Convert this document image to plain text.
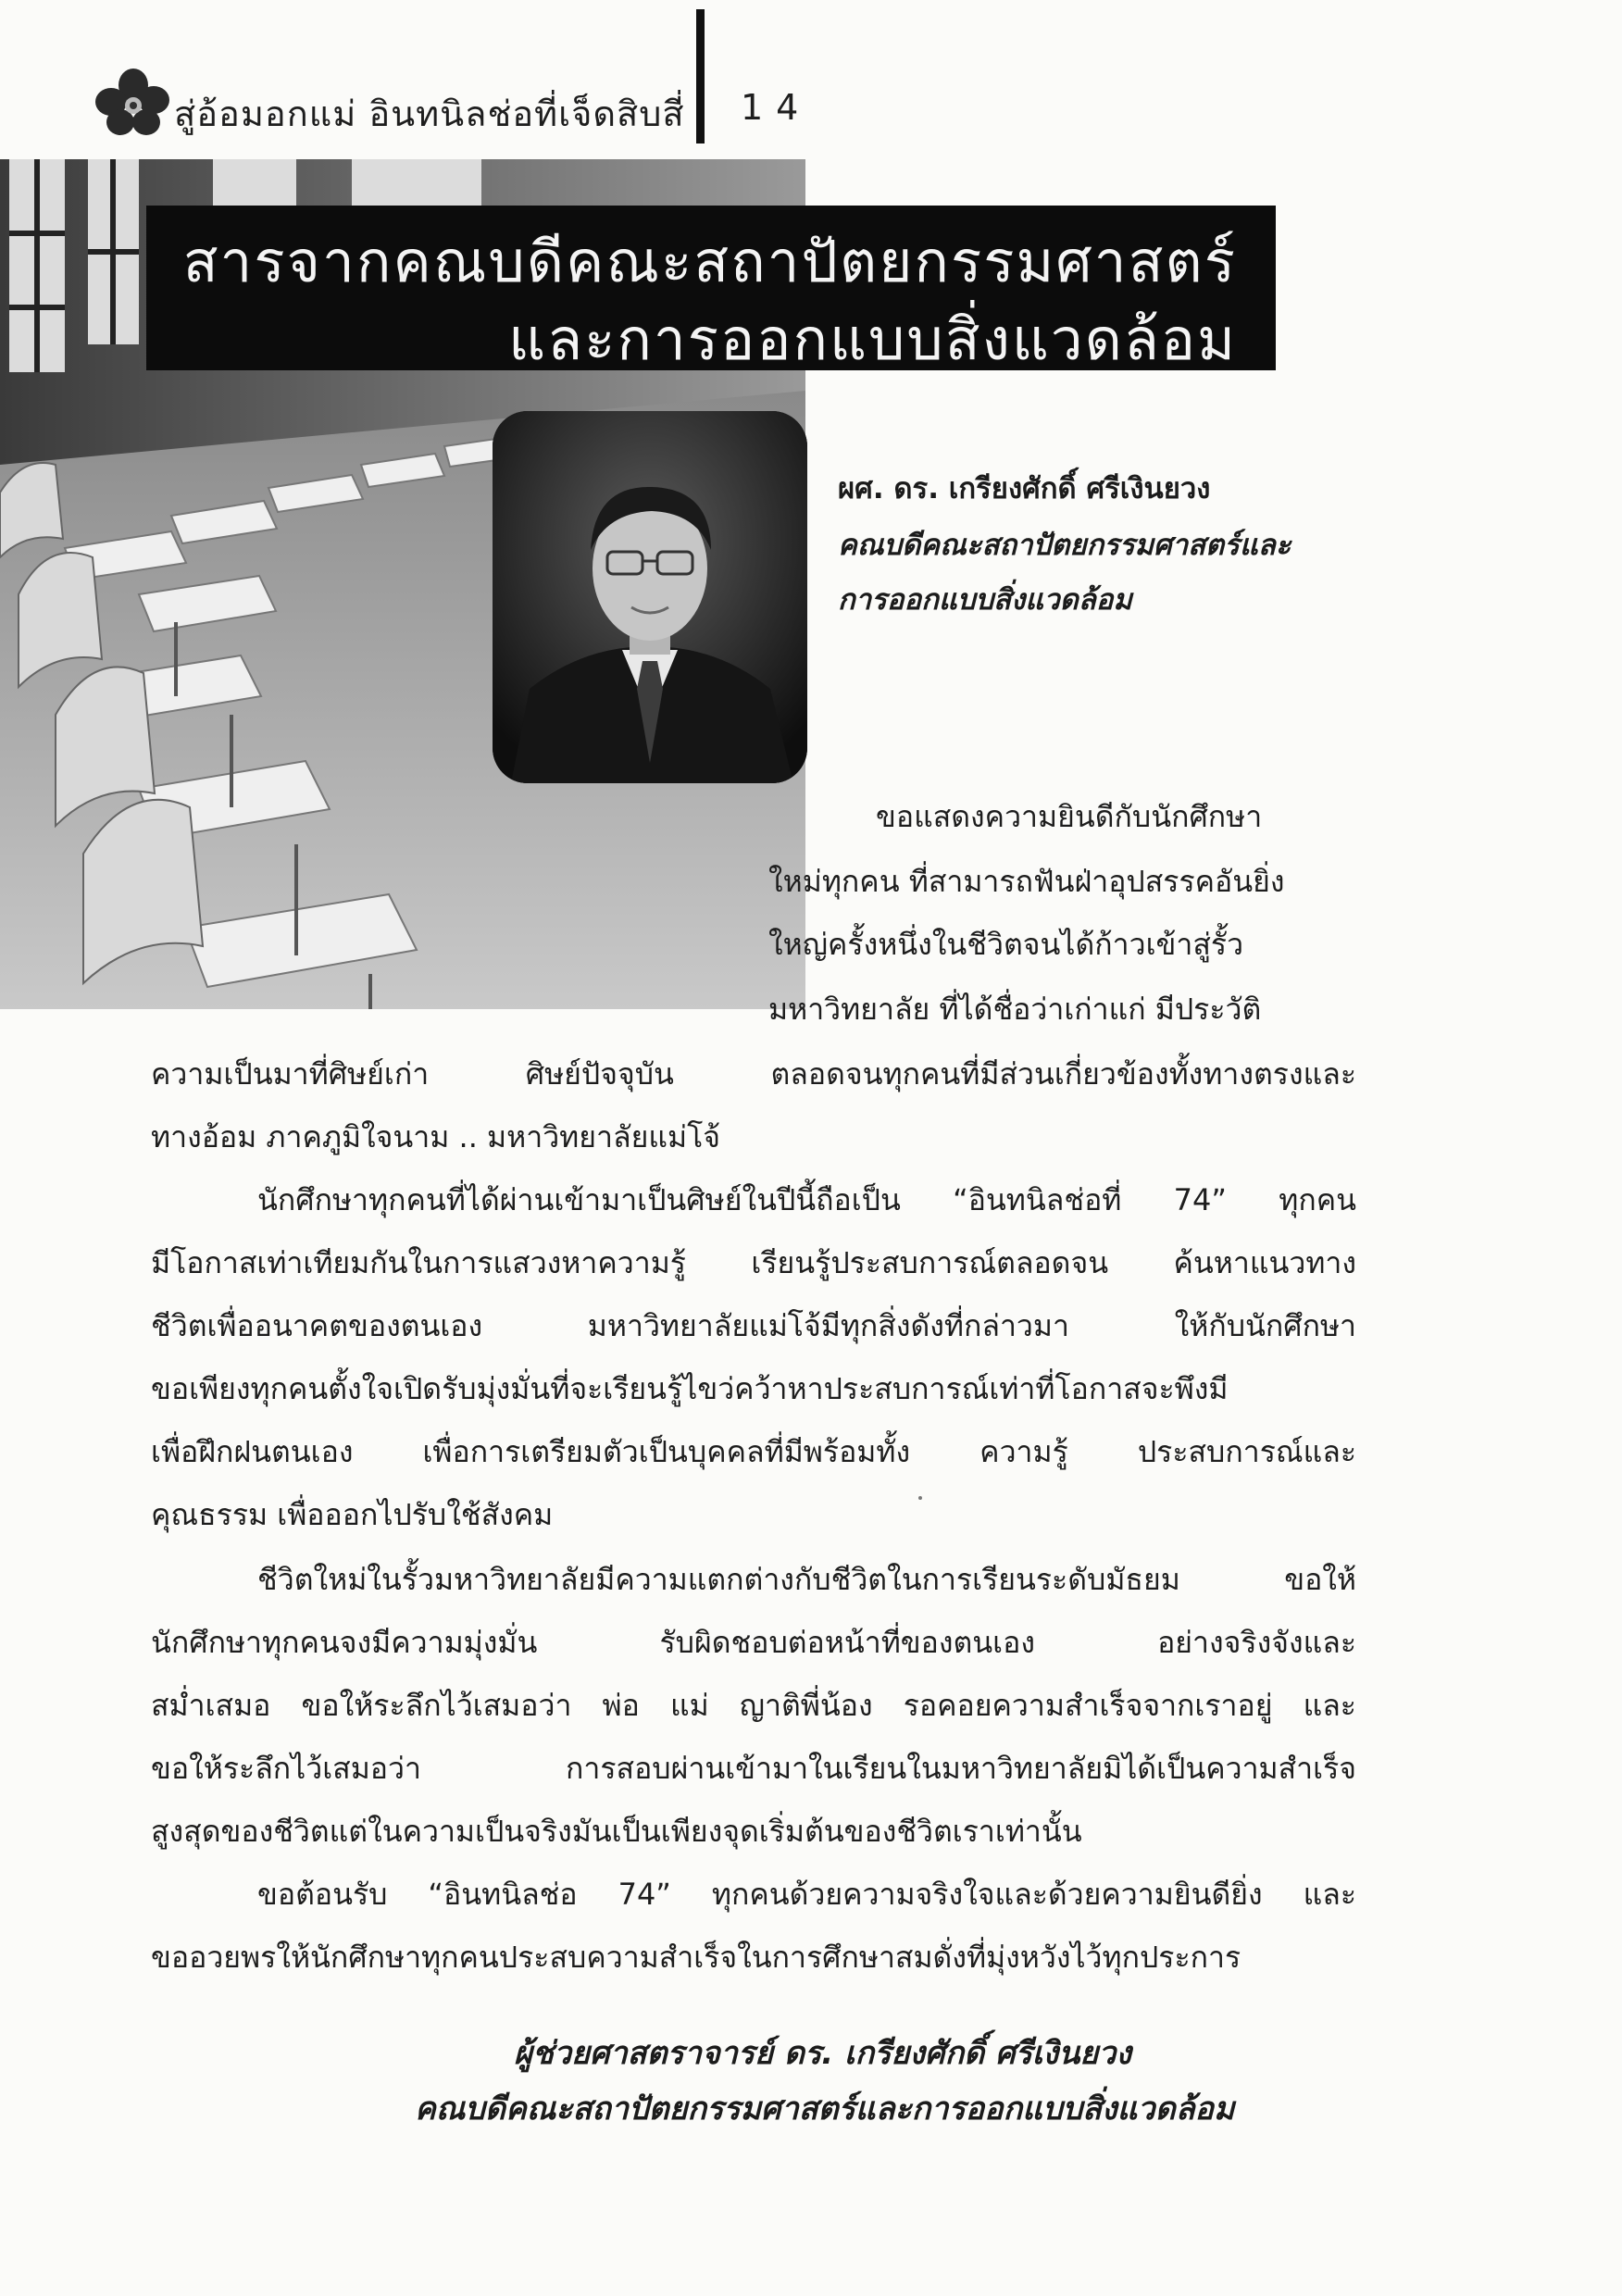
สู่อ้อมอกแม่ อินทนิลช่อที่เจ็ดสิบสี่ 14
สารจากคณบดีคณะสถาปัตยกรรมศาสตร์
และการออกแบบสิ่งแวดล้อม
ผศ. ดร. เกรียงศักดิ์ ศรีเงินยวง
คณบดีคณะสถาปัตยกรรมศาสตร์และ
การออกแบบสิ่งแวดล้อม
ขอแสดงความยินดีกับนักศึกษา
ใหม่ทุกคน ที่สามารถฟันฝ่าอุปสรรคอันยิ่ง
ใหญ่ครั้งหนึ่งในชีวิตจนได้ก้าวเข้าสู่รั้ว
มหาวิทยาลัย ที่ได้ชื่อว่าเก่าแก่ มีประวัติ
ความเป็นมาที่ศิษย์เก่า ศิษย์ปัจจุบัน ตลอดจนทุกคนที่มีส่วนเกี่ยวข้องทั้งทางตรงและ
ทางอ้อม ภาคภูมิใจนาม .. มหาวิทยาลัยแม่โจ้
นักศึกษาทุกคนที่ได้ผ่านเข้ามาเป็นศิษย์ในปีนี้ถือเป็น “อินทนิลช่อที่ 74” ทุกคน
มีโอกาสเท่าเทียมกันในการแสวงหาความรู้ เรียนรู้ประสบการณ์ตลอดจน ค้นหาแนวทาง
ชีวิตเพื่ออนาคตของตนเอง มหาวิทยาลัยแม่โจ้มีทุกสิ่งดังที่กล่าวมา ให้กับนักศึกษา
ขอเพียงทุกคนตั้งใจเปิดรับมุ่งมั่นที่จะเรียนรู้ไขว่คว้าหาประสบการณ์เท่าที่โอกาสจะพึงมี
เพื่อฝึกฝนตนเอง เพื่อการเตรียมตัวเป็นบุคคลที่มีพร้อมทั้ง ความรู้ ประสบการณ์และ
คุณธรรม เพื่อออกไปรับใช้สังคม
ชีวิตใหม่ในรั้วมหาวิทยาลัยมีความแตกต่างกับชีวิตในการเรียนระดับมัธยม ขอให้
นักศึกษาทุกคนจงมีความมุ่งมั่น รับผิดชอบต่อหน้าที่ของตนเอง อย่างจริงจังและ
สม่ำเสมอ ขอให้ระลึกไว้เสมอว่า พ่อ แม่ ญาติพี่น้อง รอคอยความสำเร็จจากเราอยู่ และ
ขอให้ระลึกไว้เสมอว่า การสอบผ่านเข้ามาในเรียนในมหาวิทยาลัยมิได้เป็นความสำเร็จ
สูงสุดของชีวิตแต่ในความเป็นจริงมันเป็นเพียงจุดเริ่มต้นของชีวิตเราเท่านั้น
ขอต้อนรับ “อินทนิลช่อ 74” ทุกคนด้วยความจริงใจและด้วยความยินดียิ่ง และ
ขออวยพรให้นักศึกษาทุกคนประสบความสำเร็จในการศึกษาสมดั่งที่มุ่งหวังไว้ทุกประการ
ผู้ช่วยศาสตราจารย์ ดร. เกรียงศักดิ์ ศรีเงินยวง
คณบดีคณะสถาปัตยกรรมศาสตร์และการออกแบบสิ่งแวดล้อม
